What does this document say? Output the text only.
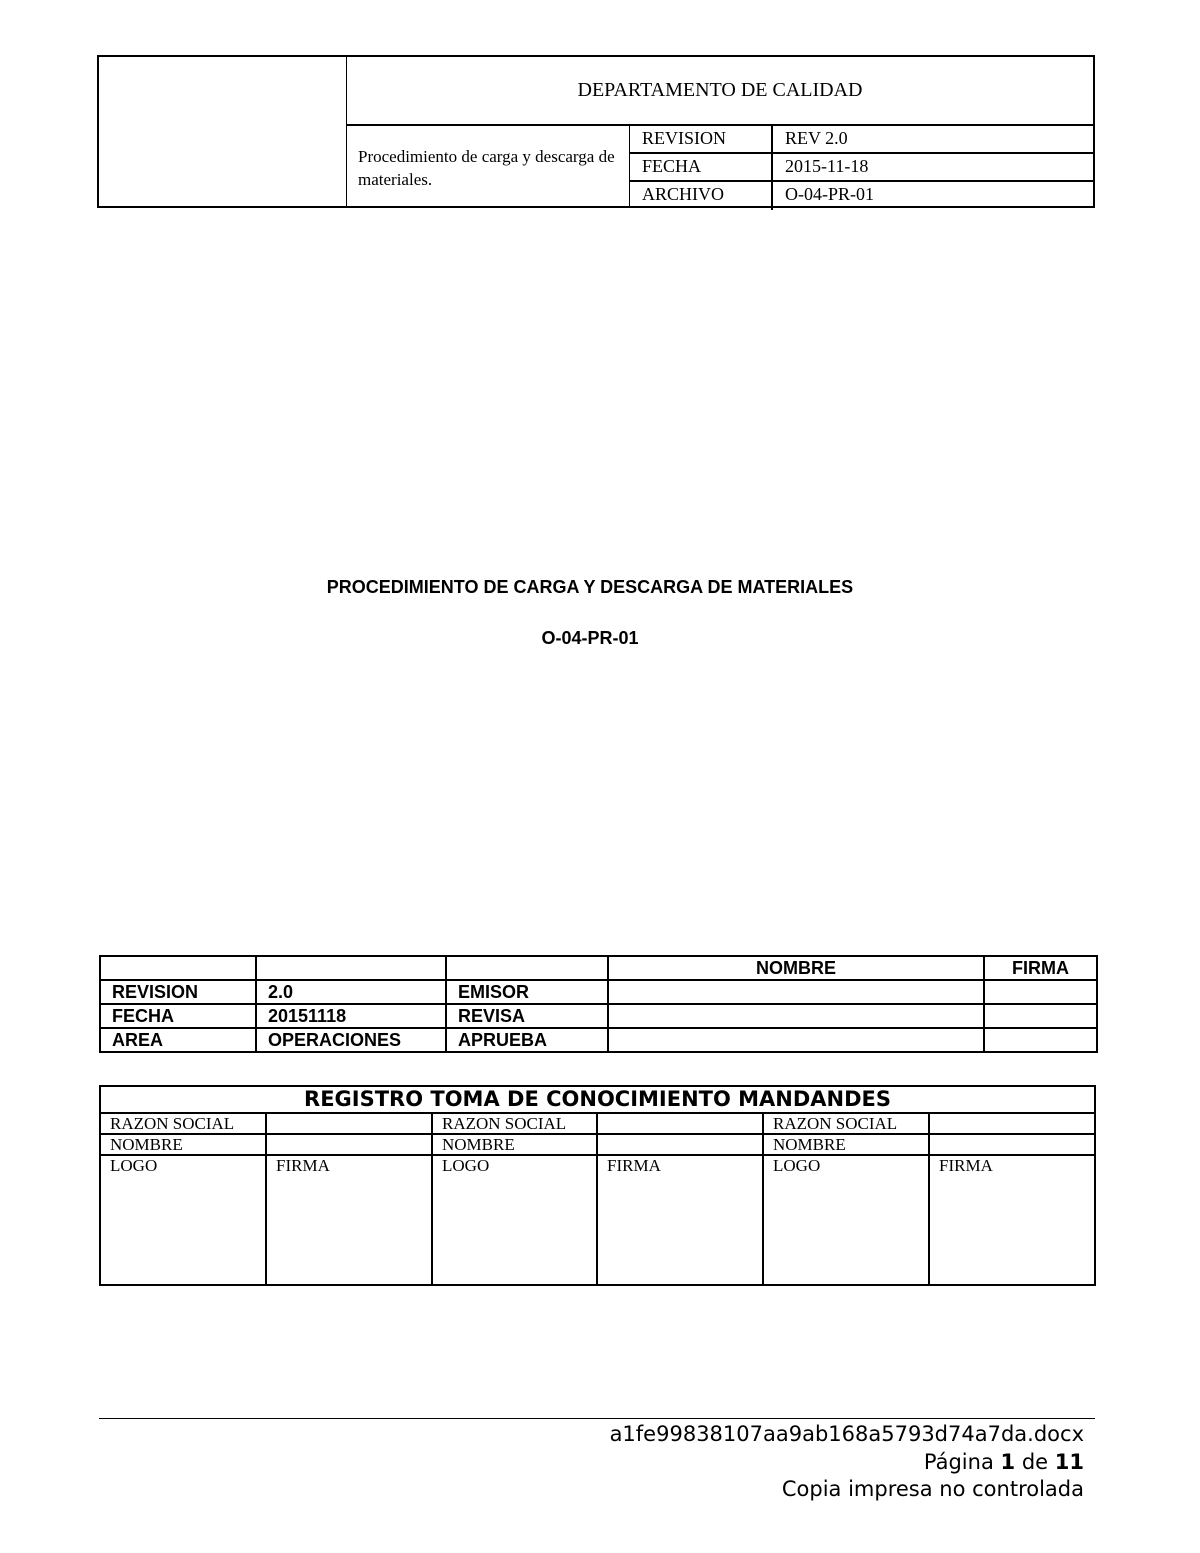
DEPARTAMENTO DE CALIDAD
Procedimiento de carga y descarga de materiales.
REVISION	REV 2.0
FECHA	2015-11-18
ARCHIVO	O-04-PR-01
PROCEDIMIENTO DE CARGA Y DESCARGA DE MATERIALES
O-04-PR-01
			NOMBRE	FIRMA
REVISION	2.0	EMISOR		
FECHA	20151118	REVISA		
AREA	OPERACIONES	APRUEBA		
REGISTRO TOMA DE CONOCIMIENTO MANDANDES					
RAZON SOCIAL		RAZON SOCIAL		RAZON SOCIAL	
NOMBRE		NOMBRE		NOMBRE	
LOGO	FIRMA	LOGO	FIRMA	LOGO	FIRMA
a1fe99838107aa9ab168a5793d74a7da.docx
Página 1 de 11
Copia impresa no controlada
